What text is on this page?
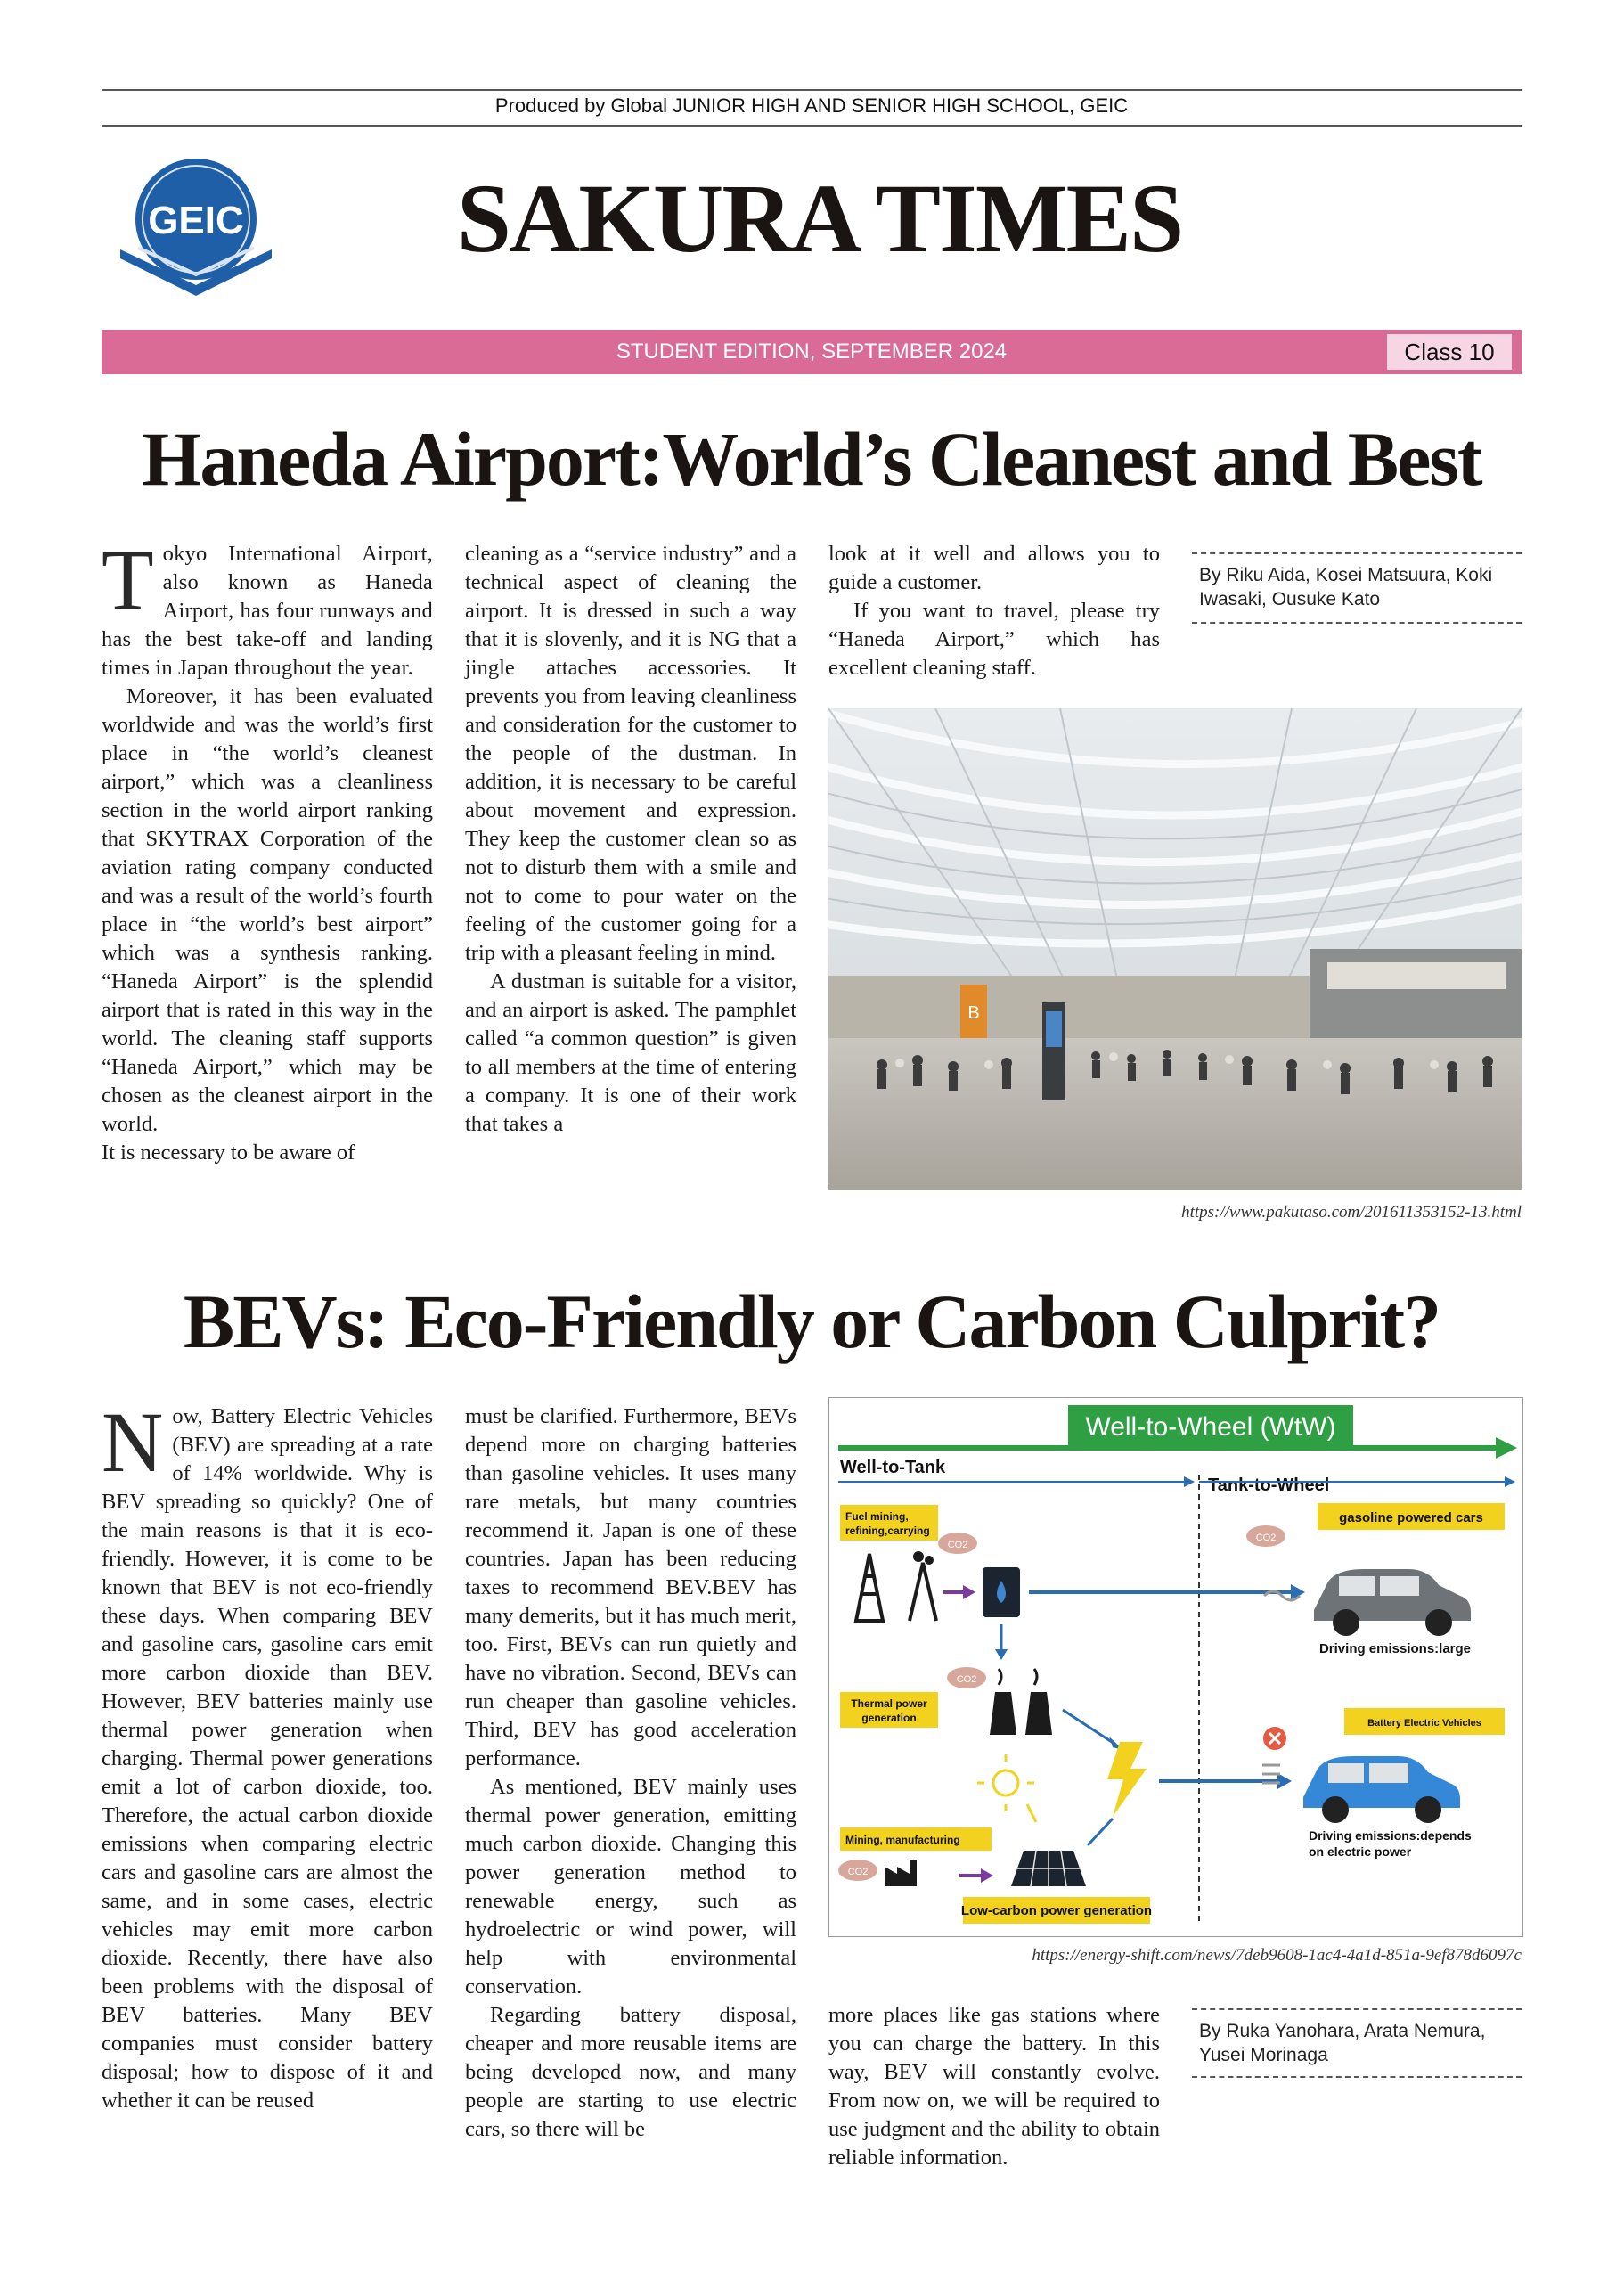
Produced by Global JUNIOR HIGH AND SENIOR HIGH SCHOOL, GEIC
GEIC	SAKURA TIMES
STUDENT EDITION, SEPTEMBER 2024	Class 10
Haneda Airport:World’s Cleanest and Best
T okyo International Airport, also known as Haneda Airport, has four runways and has the best take-off and landing times in Japan throughout the year.

Moreover, it has been evaluated worldwide and was the world’s first place in “the world’s cleanest airport,” which was a cleanliness section in the world airport ranking that SKYTRAX Corporation of the aviation rating company conducted and was a result of the world’s fourth place in “the world’s best airport” which was a synthesis ranking. “Haneda Airport” is the splendid airport that is rated in this way in the world. The cleaning staff supports “Haneda Airport,” which may be chosen as the cleanest airport in the world.

It is necessary to be aware of

cleaning as a “service industry” and a technical aspect of cleaning the airport. It is dressed in such a way that it is slovenly, and it is NG that a jingle attaches accessories. It prevents you from leaving cleanliness and consideration for the customer to the people of the dustman. In addition, it is necessary to be careful about movement and expression. They keep the customer clean so as not to disturb them with a smile and not to come to pour water on the feeling of the customer going for a trip with a pleasant feeling in mind.

A dustman is suitable for a visitor, and an airport is asked. The pamphlet called “a common question” is given to all members at the time of entering a company. It is one of their work that takes a

look at it well and allows you to guide a customer.

If you want to travel, please try “Haneda Airport,” which has excellent cleaning staff.

By Riku Aida, Kosei Matsuura, Koki Iwasaki, Ousuke Kato
B
https://www.pakutaso.com/201611353152-13.html
BEVs: Eco-Friendly or Carbon Culprit?
N ow, Battery Electric Vehicles (BEV) are spreading at a rate of 14% worldwide. Why is BEV spreading so quickly? One of the main reasons is that it is eco-friendly. However, it is come to be known that BEV is not eco-friendly these days. When comparing BEV and gasoline cars, gasoline cars emit more carbon dioxide than BEV. However, BEV batteries mainly use thermal power generation when charging. Thermal power generations emit a lot of carbon dioxide, too. Therefore, the actual carbon dioxide emissions when comparing electric cars and gasoline cars are almost the same, and in some cases, electric vehicles may emit more carbon dioxide. Recently, there have also been problems with the disposal of BEV batteries. Many BEV companies must consider battery disposal; how to dispose of it and whether it can be reused

must be clarified. Furthermore, BEVs depend more on charging batteries than gasoline vehicles. It uses many rare metals, but many countries recommend it. Japan is one of these countries. Japan has been reducing taxes to recommend BEV.BEV has many demerits, but it has much merit, too. First, BEVs can run quietly and have no vibration. Second, BEVs can run cheaper than gasoline vehicles. Third, BEV has good acceleration performance.

As mentioned, BEV mainly uses thermal power generation, emitting much carbon dioxide. Changing this power generation method to renewable energy, such as hydroelectric or wind power, will help with environmental conservation.

Regarding battery disposal, cheaper and more reusable items are being developed now, and many people are starting to use electric cars, so there will be

more places like gas stations where you can charge the battery. In this way, BEV will constantly evolve. From now on, we will be required to use judgment and the ability to obtain reliable information.

By Ruka Yanohara, Arata Nemura, Yusei Morinaga
Well-to-Wheel (WtW)
Well-to-Tank
Tank-to-Wheel
Fuel mining,
refining,carrying
CO2
gasoline powered cars
CO2
Driving emissions:large
CO2
Thermal power
generation	Battery Electric Vehicles
Driving emissions:depends
on electric power
Mining, manufacturing
CO2
Low-carbon power generation
https://energy-shift.com/news/7deb9608-1ac4-4a1d-851a-9ef878d6097c
